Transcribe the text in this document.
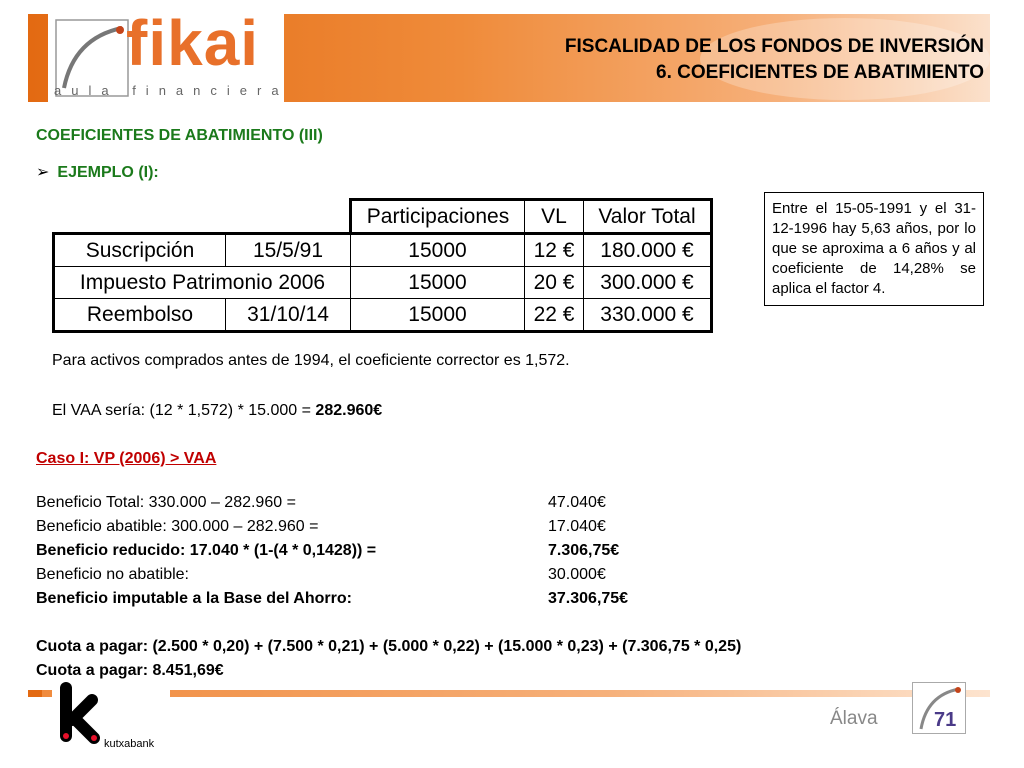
fikai
aula financiera
FISCALIDAD DE LOS FONDOS DE INVERSIÓN
6. COEFICIENTES DE ABATIMIENTO
COEFICIENTES DE ABATIMIENTO (III)
➢ EJEMPLO (I):
		Participaciones	VL	Valor Total
Suscripción	15/5/91	15000	12 €	180.000 €
Impuesto Patrimonio 2006		15000	20 €	300.000 €
Reembolso	31/10/14	15000	22 €	330.000 €
Entre el 15-05-1991 y el 31-12-1996 hay 5,63 años, por lo que se aproxima a 6 años y al coeficiente de 14,28% se aplica el factor 4.
Para activos comprados antes de 1994, el coeficiente corrector es 1,572.
El VAA sería: (12 * 1,572) * 15.000 = 282.960€
Caso I: VP (2006) > VAA
Beneficio Total: 330.000 – 282.960 =	47.040€
Beneficio abatible: 300.000 – 282.960 =	17.040€
Beneficio reducido: 17.040 * (1-(4 * 0,1428)) =	7.306,75€
Beneficio no abatible:	30.000€
Beneficio imputable a la Base del Ahorro:	37.306,75€
Cuota a pagar: (2.500 * 0,20) + (7.500 * 0,21) + (5.000 * 0,22) + (15.000 * 0,23) + (7.306,75 * 0,25)
Cuota a pagar: 8.451,69€
kutxabank
Álava	71
